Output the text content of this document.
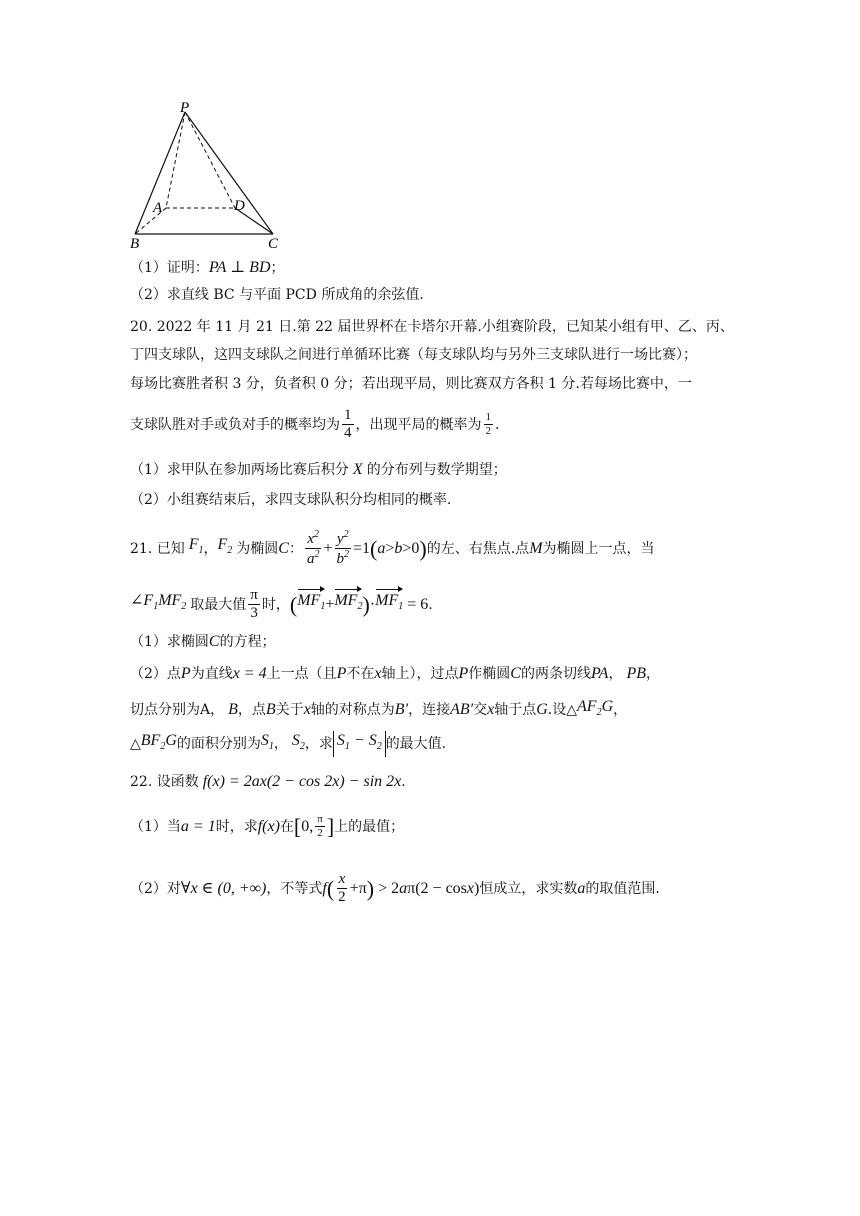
P
A	D
B	C
（1）证明： PA ⊥ BD ；
（2）求直线 BC 与平面 PCD 所成角的余弦值.
20. 2022 年 11 月 21 日.第 22 届世界杯在卡塔尔开幕.小组赛阶段，已知某小组有甲、乙、丙、
丁四支球队，这四支球队之间进行单循环比赛（每支球队均与另外三支球队进行一场比赛）；
每场比赛胜者积 3 分，负者积 0 分；若出现平局，则比赛双方各积 1 分.若每场比赛中，一
支球队胜对手或负对手的概率均为 $\frac{1}{4}$ ，出现平局的概率为 $\frac{1}{2}$ .
（1）求甲队在参加两场比赛后积分 X 的分布列与数学期望；
（2）小组赛结束后，求四支球队积分均相同的概率.
21. 已知 $F_1$ ， $F_2$ 为椭圆 C ： $\frac{x^2}{a^2} + \frac{y^2}{b^2} =1$ ( a > b >0 ) 的左、右焦点.点 M 为椭圆上一点，当
$\angle F_1MF_2$ 取最大值 $\frac{\pi}{3}$ 时， ( $MF_1 + MF_2$ ) · $MF_1 = 6$ .
（1）求椭圆 C 的方程；
（2）点 P 为直线 x = 4 上一点（且 P 不在 x 轴上），过点 P 作椭圆 C 的两条切线 PA ， PB ，
切点分别为A， B ，点 B 关于 x 轴的对称点为 B′ ，连接 AB′ 交 x 轴于点 G .设△ $AF_2G$ ，
△ $BF_2G$ 的面积分别为 $S_1$ ， $S_2$ ，求 $S_1 - S_2$ 的最大值.
22. 设函数 f(x) = 2ax(2 − cos 2x) − sin 2x .
（1）当 a = 1 时，求 f(x) 在 [ 0, $\frac{\pi}{2}$ ] 上的最值；
（2）对 ∀x ∈ (0, +∞) ，不等式 f ( $\frac{x}{2} +\pi$ ) > 2 a π(2 − cos x ) 恒成立，求实数 a 的取值范围.
